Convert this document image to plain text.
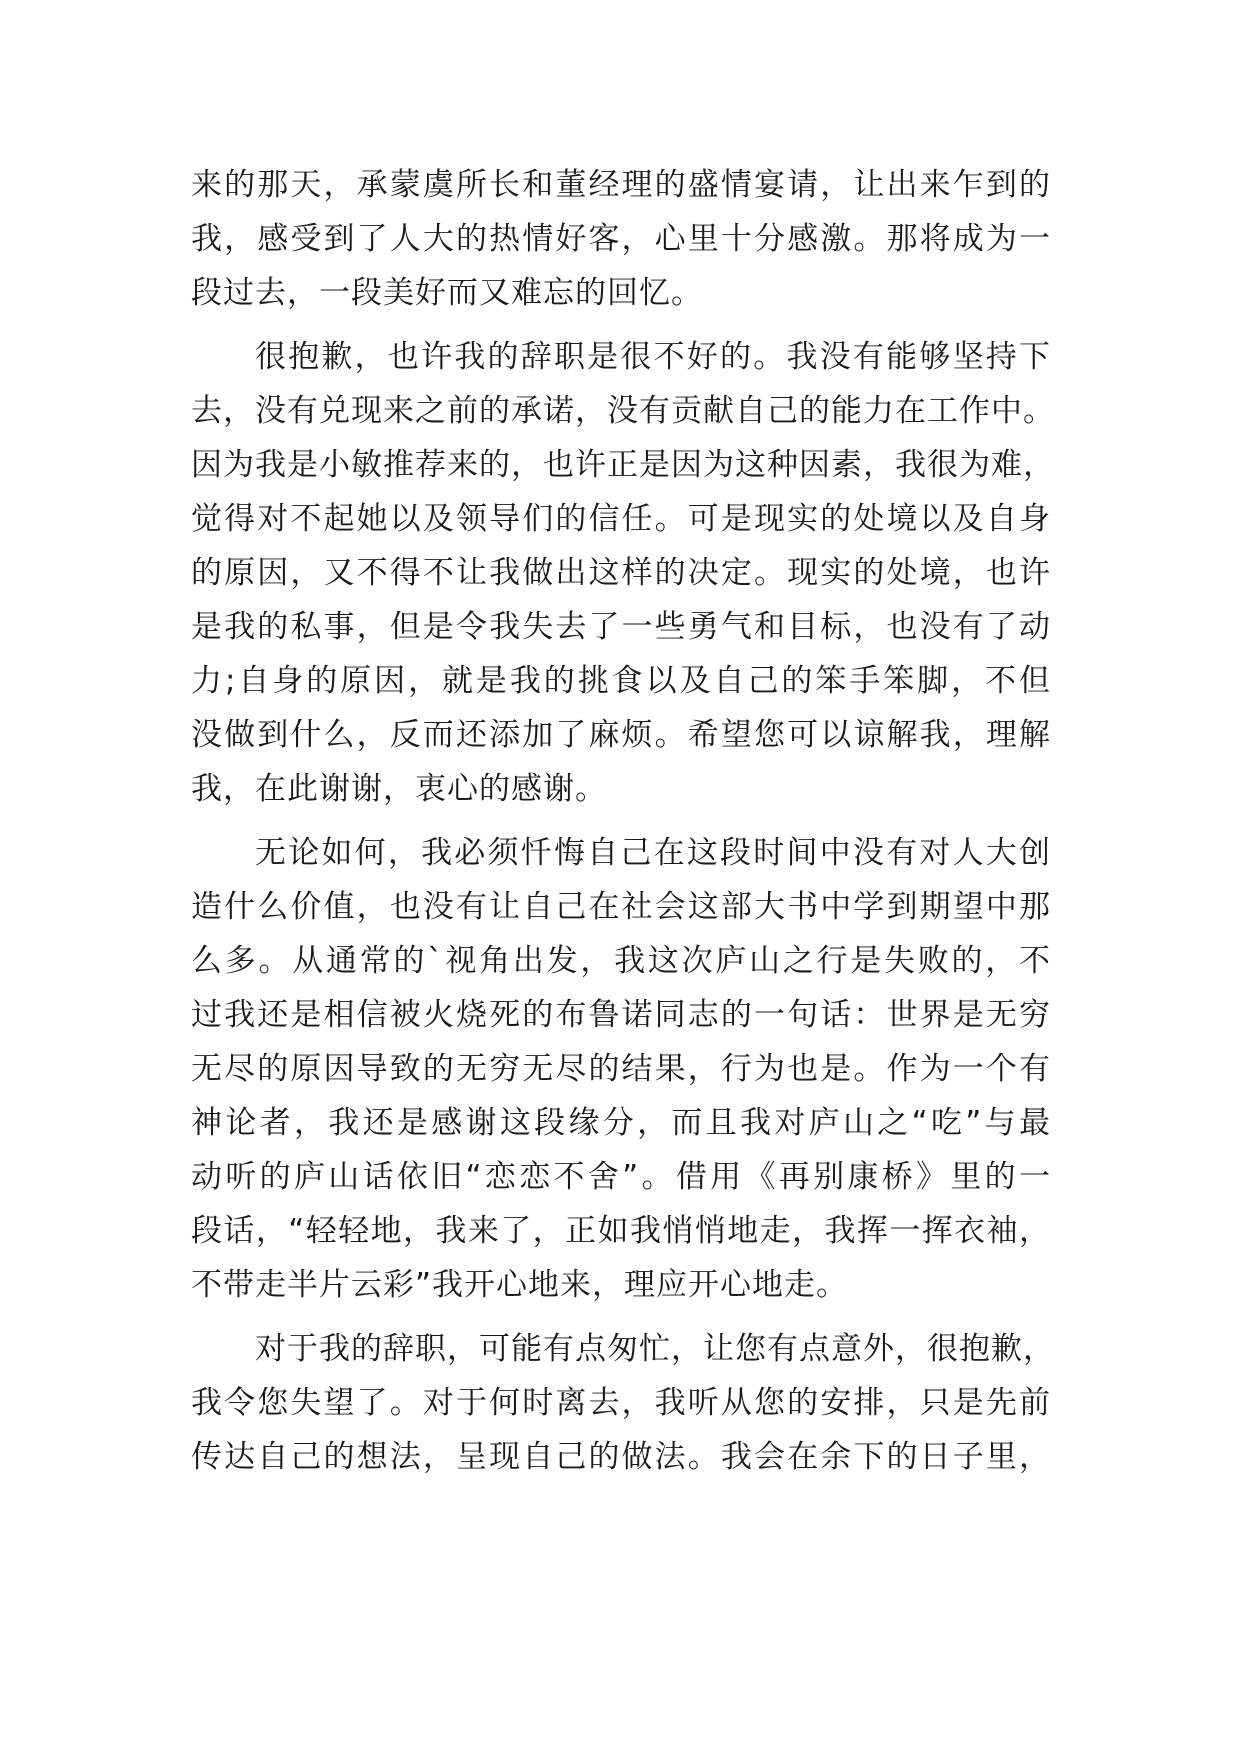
来的那天，承蒙虞所长和董经理的盛情宴请，让出来乍到的
我，感受到了人大的热情好客，心里十分感激。那将成为一
段过去，一段美好而又难忘的回忆。
很抱歉，也许我的辞职是很不好的。我没有能够坚持下
去，没有兑现来之前的承诺，没有贡献自己的能力在工作中。
因为我是小敏推荐来的，也许正是因为这种因素，我很为难，
觉得对不起她以及领导们的信任。可是现实的处境以及自身
的原因，又不得不让我做出这样的决定。现实的处境，也许
是我的私事，但是令我失去了一些勇气和目标，也没有了动
力;自身的原因，就是我的挑食以及自己的笨手笨脚，不但
没做到什么，反而还添加了麻烦。希望您可以谅解我，理解
我，在此谢谢，衷心的感谢。
无论如何，我必须忏悔自己在这段时间中没有对人大创
造什么价值，也没有让自己在社会这部大书中学到期望中那
么多。从通常的`视角出发，我这次庐山之行是失败的，不
过我还是相信被火烧死的布鲁诺同志的一句话：世界是无穷
无尽的原因导致的无穷无尽的结果，行为也是。作为一个有
神论者，我还是感谢这段缘分，而且我对庐山之“吃”与最
动听的庐山话依旧“恋恋不舍”。借用《再别康桥》里的一
段话，“轻轻地，我来了，正如我悄悄地走，我挥一挥衣袖，
不带走半片云彩”我开心地来，理应开心地走。
对于我的辞职，可能有点匆忙，让您有点意外，很抱歉，
我令您失望了。对于何时离去，我听从您的安排，只是先前
传达自己的想法，呈现自己的做法。我会在余下的日子里，
